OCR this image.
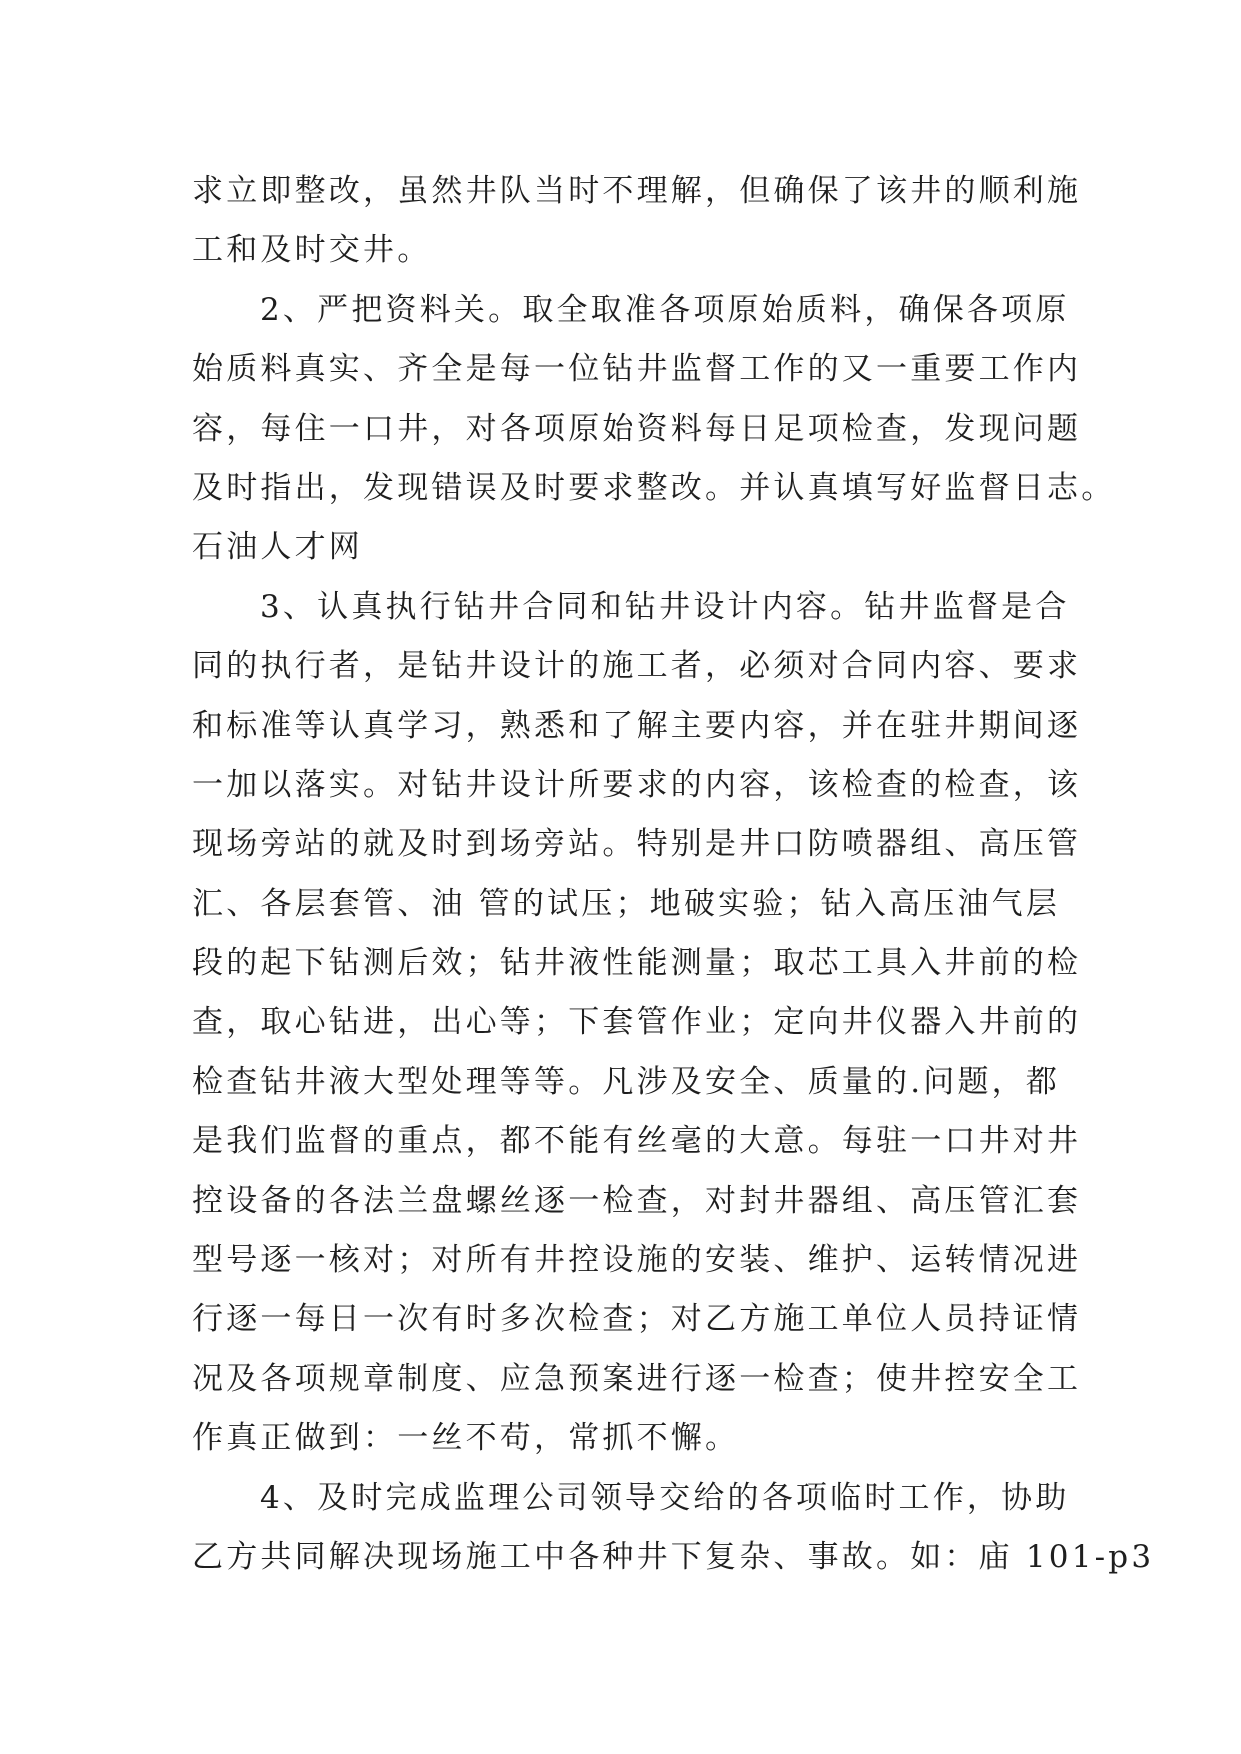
求立即整改，虽然井队当时不理解，但确保了该井的顺利施
工和及时交井。
2、严把资料关。取全取准各项原始质料，确保各项原
始质料真实、齐全是每一位钻井监督工作的又一重要工作内
容，每住一口井，对各项原始资料每日足项检查，发现问题
及时指出，发现错误及时要求整改。并认真填写好监督日志。
石油人才网
3、认真执行钻井合同和钻井设计内容。钻井监督是合
同的执行者，是钻井设计的施工者，必须对合同内容、要求
和标准等认真学习，熟悉和了解主要内容，并在驻井期间逐
一加以落实。对钻井设计所要求的内容，该检查的检查，该
现场旁站的就及时到场旁站。特别是井口防喷器组、高压管
汇、各层套管、油 管的试压；地破实验；钻入高压油气层
段的起下钻测后效；钻井液性能测量；取芯工具入井前的检
查，取心钻进，出心等；下套管作业；定向井仪器入井前的
检查钻井液大型处理等等。凡涉及安全、质量的.问题，都
是我们监督的重点，都不能有丝毫的大意。每驻一口井对井
控设备的各法兰盘螺丝逐一检查，对封井器组、高压管汇套
型号逐一核对；对所有井控设施的安装、维护、运转情况进
行逐一每日一次有时多次检查；对乙方施工单位人员持证情
况及各项规章制度、应急预案进行逐一检查；使井控安全工
作真正做到：一丝不苟，常抓不懈。
4、及时完成监理公司领导交给的各项临时工作，协助
乙方共同解决现场施工中各种井下复杂、事故。如：庙 101-p3
